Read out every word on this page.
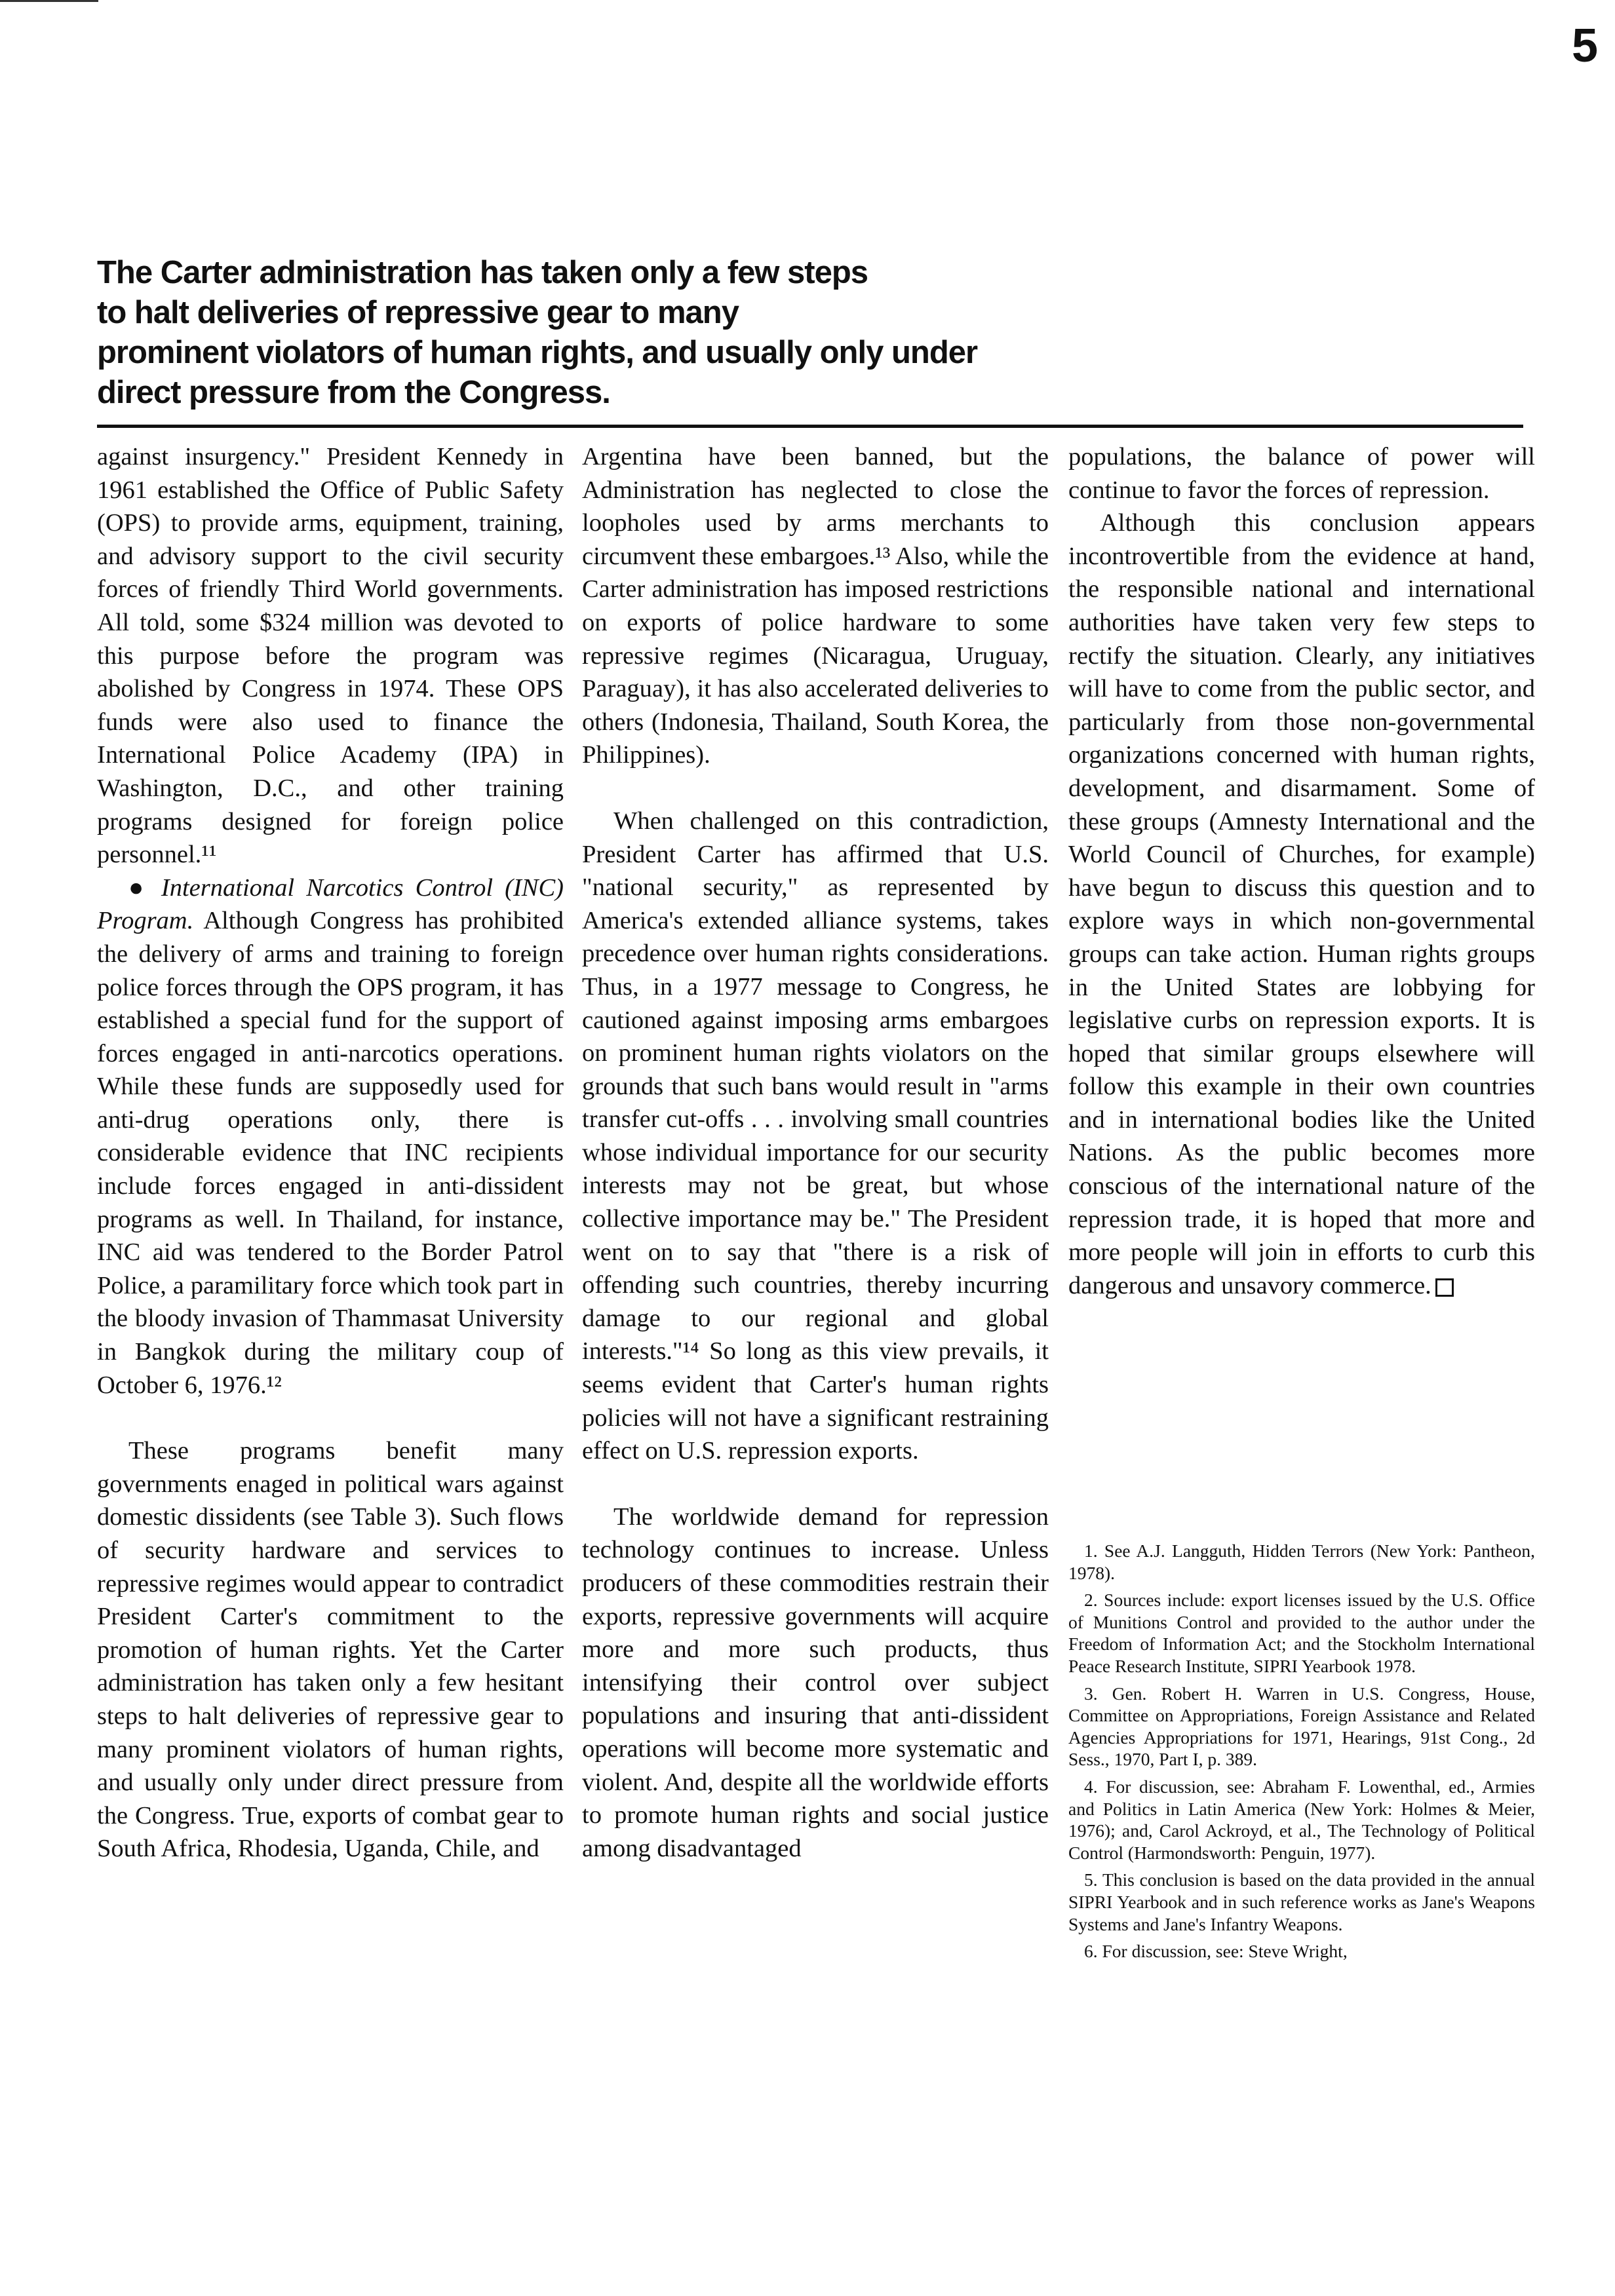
5
The Carter administration has taken only a few steps
to halt deliveries of repressive gear to many
prominent violators of human rights, and usually only under
direct pressure from the Congress.

against insurgency." President Kennedy in 1961 established the Office of Public Safety (OPS) to provide arms, equipment, training, and advisory support to the civil security forces of friendly Third World governments. All told, some $324 million was devoted to this purpose before the program was abolished by Congress in 1974. These OPS funds were also used to finance the International Police Academy (IPA) in Washington, D.C., and other training programs designed for foreign police personnel.¹¹

● International Narcotics Control (INC) Program. Although Congress has prohibited the delivery of arms and training to foreign police forces through the OPS program, it has established a special fund for the support of forces engaged in anti-narcotics operations. While these funds are supposedly used for anti-drug operations only, there is considerable evidence that INC recipients include forces engaged in anti-dissident programs as well. In Thailand, for instance, INC aid was tendered to the Border Patrol Police, a paramilitary force which took part in the bloody invasion of Thammasat University in Bangkok during the military coup of October 6, 1976.¹²

These programs benefit many governments enaged in political wars against domestic dissidents (see Table 3). Such flows of security hardware and services to repressive regimes would appear to contradict President Carter's commitment to the promotion of human rights. Yet the Carter administration has taken only a few hesitant steps to halt deliveries of repressive gear to many prominent violators of human rights, and usually only under direct pressure from the Congress. True, exports of combat gear to South Africa, Rhodesia, Uganda, Chile, and

Argentina have been banned, but the Administration has neglected to close the loopholes used by arms merchants to circumvent these embargoes.¹³ Also, while the Carter administration has imposed restrictions on exports of police hardware to some repressive regimes (Nicaragua, Uruguay, Paraguay), it has also accelerated deliveries to others (Indonesia, Thailand, South Korea, the Philippines).

When challenged on this contradiction, President Carter has affirmed that U.S. "national security," as represented by America's extended alliance systems, takes precedence over human rights considerations. Thus, in a 1977 message to Congress, he cautioned against imposing arms embargoes on prominent human rights violators on the grounds that such bans would result in "arms transfer cut-offs . . . involving small countries whose individual importance for our security interests may not be great, but whose collective importance may be." The President went on to say that "there is a risk of offending such countries, thereby incurring damage to our regional and global interests."¹⁴ So long as this view prevails, it seems evident that Carter's human rights policies will not have a significant restraining effect on U.S. repression exports.

The worldwide demand for repression technology continues to increase. Unless producers of these commodities restrain their exports, repressive governments will acquire more and more such products, thus intensifying their control over subject populations and insuring that anti-dissident operations will become more systematic and violent. And, despite all the worldwide efforts to promote human rights and social justice among disadvantaged

populations, the balance of power will continue to favor the forces of repression.

Although this conclusion appears incontrovertible from the evidence at hand, the responsible national and international authorities have taken very few steps to rectify the situation. Clearly, any initiatives will have to come from the public sector, and particularly from those non-governmental organizations concerned with human rights, development, and disarmament. Some of these groups (Amnesty International and the World Council of Churches, for example) have begun to discuss this question and to explore ways in which non-governmental groups can take action. Human rights groups in the United States are lobbying for legislative curbs on repression exports. It is hoped that similar groups elsewhere will follow this example in their own countries and in international bodies like the United Nations. As the public becomes more conscious of the international nature of the repression trade, it is hoped that more and more people will join in efforts to curb this dangerous and unsavory commerce.

1. See A.J. Langguth, Hidden Terrors (New York: Pantheon, 1978).

2. Sources include: export licenses issued by the U.S. Office of Munitions Control and provided to the author under the Freedom of Information Act; and the Stockholm International Peace Research Institute, SIPRI Yearbook 1978.

3. Gen. Robert H. Warren in U.S. Congress, House, Committee on Appropriations, Foreign Assistance and Related Agencies Appropriations for 1971, Hearings, 91st Cong., 2d Sess., 1970, Part I, p. 389.

4. For discussion, see: Abraham F. Lowenthal, ed., Armies and Politics in Latin America (New York: Holmes & Meier, 1976); and, Carol Ackroyd, et al., The Technology of Political Control (Harmondsworth: Penguin, 1977).

5. This conclusion is based on the data provided in the annual SIPRI Yearbook and in such reference works as Jane's Weapons Systems and Jane's Infantry Weapons.

6. For discussion, see: Steve Wright,
